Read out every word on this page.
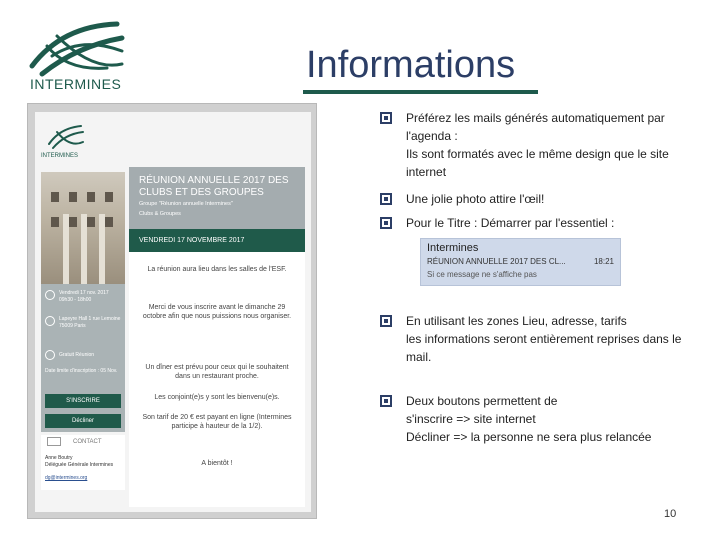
INTERMINES	Informations
INTERMINES
Vendredi 17 nov. 2017 09h30 - 18h00
Lapeyre Hall 1 rue Lemoine 75009 Paris
Gratuit Réunion
Date limite d'inscription : 05 Nov.
S'INSCRIRE
Décliner
CONTACT
Anne Boutry
Déléguée Générale Intermines
dg@intermines.org
RÉUNION ANNUELLE 2017 DES CLUBS ET DES GROUPES
Groupe "Réunion annuelle Intermines"
Clubs & Groupes
VENDREDI 17 NOVEMBRE 2017
La réunion aura lieu dans les salles de l'ESF.
Merci de vous inscrire avant le dimanche 29 octobre afin que nous puissions nous organiser.
Un dîner est prévu pour ceux qui le souhaitent dans un restaurant proche.
Les conjoint(e)s y sont les bienvenu(e)s.
Son tarif de 20 € est payant en ligne (Intermines participe à hauteur de la 1/2).
A bientôt !
Préférez les mails générés automatiquement par
l'agenda :
Ils sont formatés avec le même design que le site
internet
Une jolie photo attire l'œil!
Pour le Titre : Démarrer par l'essentiel :
Intermines
RÉUNION ANNUELLE 2017 DES CL...	18:21
Si ce message ne s'affiche pas
En utilisant les zones Lieu, adresse, tarifs
les informations seront entièrement reprises dans le
mail.
Deux boutons permettent de
s'inscrire => site internet
Décliner => la personne ne sera plus relancée
10
